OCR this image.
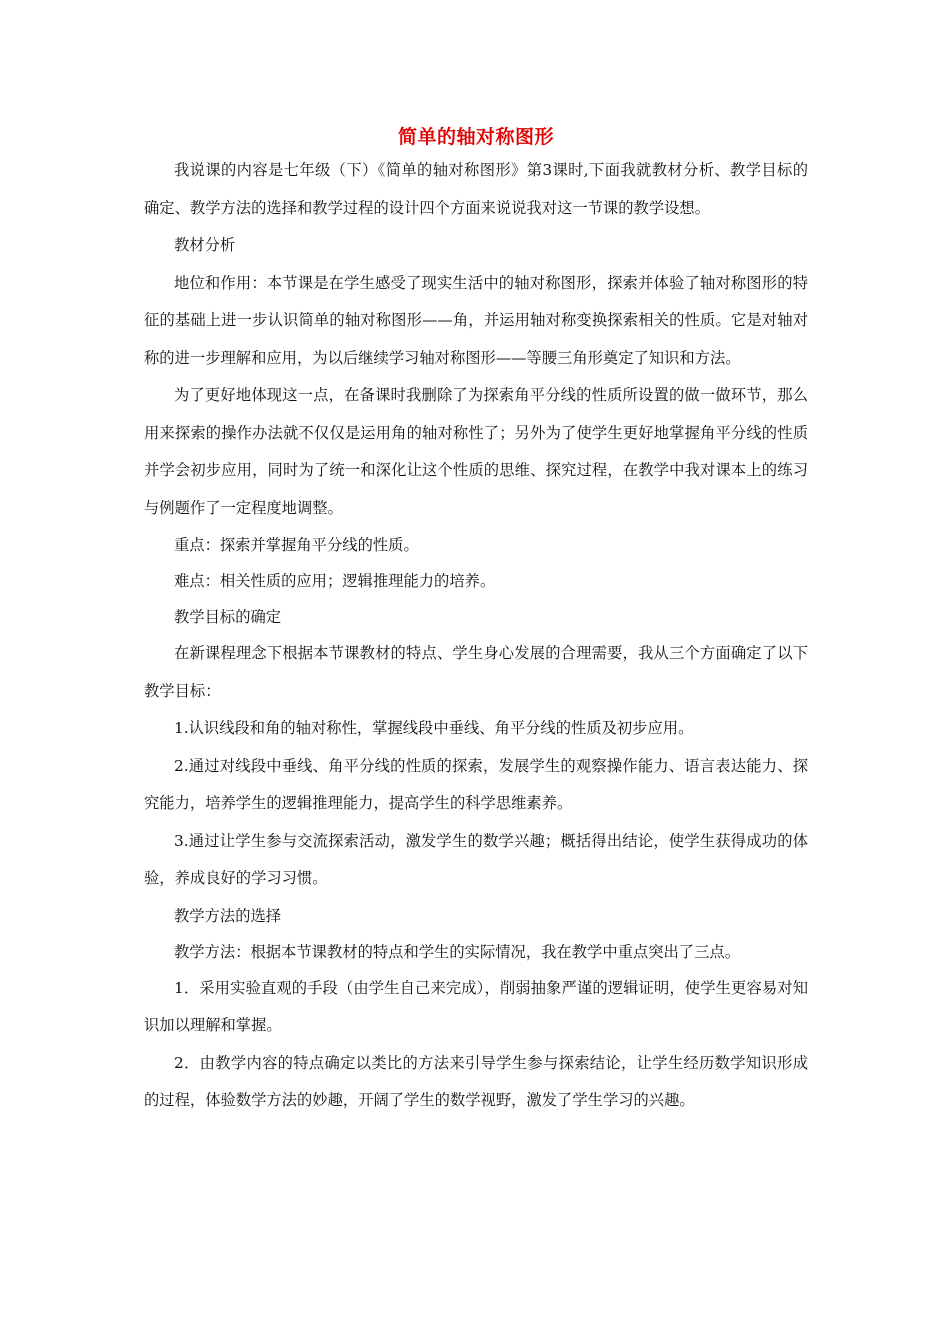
简单的轴对称图形

我说课的内容是七年级（下）《简单的轴对称图形》第3课时,下面我就教材分析、教学目标的确定、教学方法的选择和教学过程的设计四个方面来说说我对这一节课的教学设想。

教材分析

地位和作用：本节课是在学生感受了现实生活中的轴对称图形，探索并体验了轴对称图形的特征的基础上进一步认识简单的轴对称图形——角，并运用轴对称变换探索相关的性质。它是对轴对称的进一步理解和应用，为以后继续学习轴对称图形——等腰三角形奠定了知识和方法。

为了更好地体现这一点，在备课时我删除了为探索角平分线的性质所设置的做一做环节，那么用来探索的操作办法就不仅仅是运用角的轴对称性了；另外为了使学生更好地掌握角平分线的性质并学会初步应用，同时为了统一和深化让这个性质的思维、探究过程，在教学中我对课本上的练习与例题作了一定程度地调整。

重点：探索并掌握角平分线的性质。

难点：相关性质的应用；逻辑推理能力的培养。

教学目标的确定

在新课程理念下根据本节课教材的特点、学生身心发展的合理需要，我从三个方面确定了以下教学目标：

1.认识线段和角的轴对称性，掌握线段中垂线、角平分线的性质及初步应用。

2.通过对线段中垂线、角平分线的性质的探索，发展学生的观察操作能力、语言表达能力、探究能力，培养学生的逻辑推理能力，提高学生的科学思维素养。

3.通过让学生参与交流探索活动，激发学生的数学兴趣；概括得出结论，使学生获得成功的体验，养成良好的学习习惯。

教学方法的选择

教学方法：根据本节课教材的特点和学生的实际情况，我在教学中重点突出了三点。

1．采用实验直观的手段（由学生自己来完成），削弱抽象严谨的逻辑证明，使学生更容易对知识加以理解和掌握。

2．由教学内容的特点确定以类比的方法来引导学生参与探索结论，让学生经历数学知识形成的过程，体验数学方法的妙趣，开阔了学生的数学视野，激发了学生学习的兴趣。
